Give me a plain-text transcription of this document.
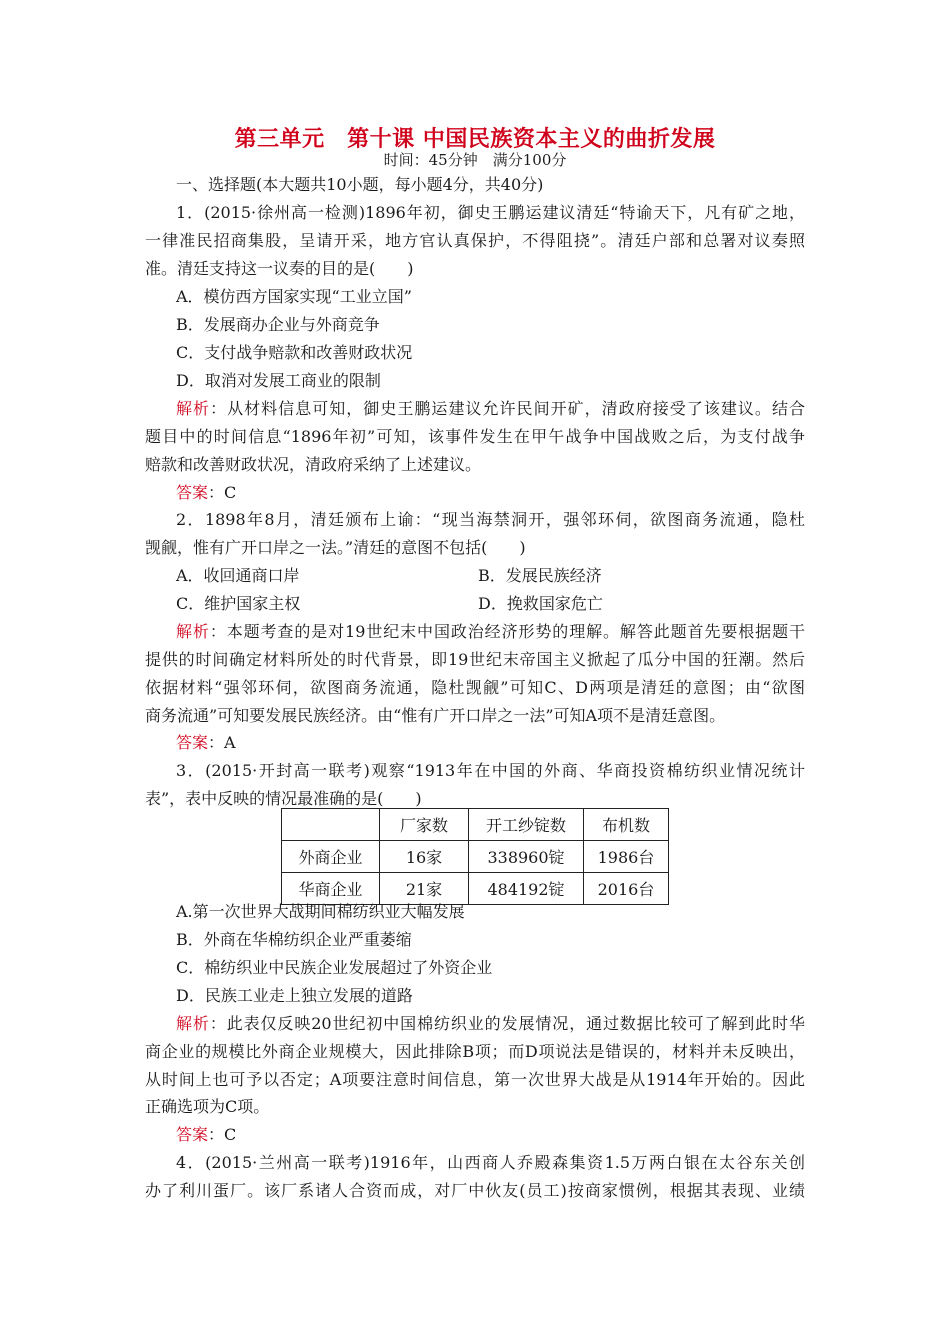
第三单元　第十课 中国民族资本主义的曲折发展
时间：45分钟　满分100分
一、选择题(本大题共10小题，每小题4分，共40分)
1．(2015·徐州高一检测)1896年初，御史王鹏运建议清廷“特谕天下，凡有矿之地，
一律准民招商集股，呈请开采，地方官认真保护，不得阻挠”。清廷户部和总署对议奏照
准。清廷支持这一议奏的目的是(　　)
A．模仿西方国家实现“工业立国”
B．发展商办企业与外商竞争
C．支付战争赔款和改善财政状况
D．取消对发展工商业的限制
解析：从材料信息可知，御史王鹏运建议允许民间开矿，清政府接受了该建议。结合
题目中的时间信息“1896年初”可知，该事件发生在甲午战争中国战败之后，为支付战争
赔款和改善财政状况，清政府采纳了上述建议。
答案：C
2．1898年8月，清廷颁布上谕：“现当海禁洞开，强邻环伺，欲图商务流通，隐杜
觊觎，惟有广开口岸之一法。”清廷的意图不包括(　　)
A．收回通商口岸	B．发展民族经济
C．维护国家主权	D．挽救国家危亡
解析：本题考查的是对19世纪末中国政治经济形势的理解。解答此题首先要根据题干
提供的时间确定材料所处的时代背景，即19世纪末帝国主义掀起了瓜分中国的狂潮。然后
依据材料“强邻环伺，欲图商务流通，隐杜觊觎”可知C、D两项是清廷的意图；由“欲图
商务流通”可知要发展民族经济。由“惟有广开口岸之一法”可知A项不是清廷意图。
答案：A
3．(2015·开封高一联考)观察“1913年在中国的外商、华商投资棉纺织业情况统计
表”，表中反映的情况最准确的是(　　)
	厂家数	开工纱锭数	布机数
外商企业	16家	338960锭	1986台
华商企业	21家	484192锭	2016台
A.第一次世界大战期间棉纺织业大幅发展
B．外商在华棉纺织企业严重萎缩
C．棉纺织业中民族企业发展超过了外资企业
D．民族工业走上独立发展的道路
解析：此表仅反映20世纪初中国棉纺织业的发展情况，通过数据比较可了解到此时华
商企业的规模比外商企业规模大，因此排除B项；而D项说法是错误的，材料并未反映出，
从时间上也可予以否定；A项要注意时间信息，第一次世界大战是从1914年开始的。因此
正确选项为C项。
答案：C
4．(2015·兰州高一联考)1916年，山西商人乔殿森集资1.5万两白银在太谷东关创
办了利川蛋厂。该厂系诸人合资而成，对厂中伙友(员工)按商家惯例，根据其表现、业绩
